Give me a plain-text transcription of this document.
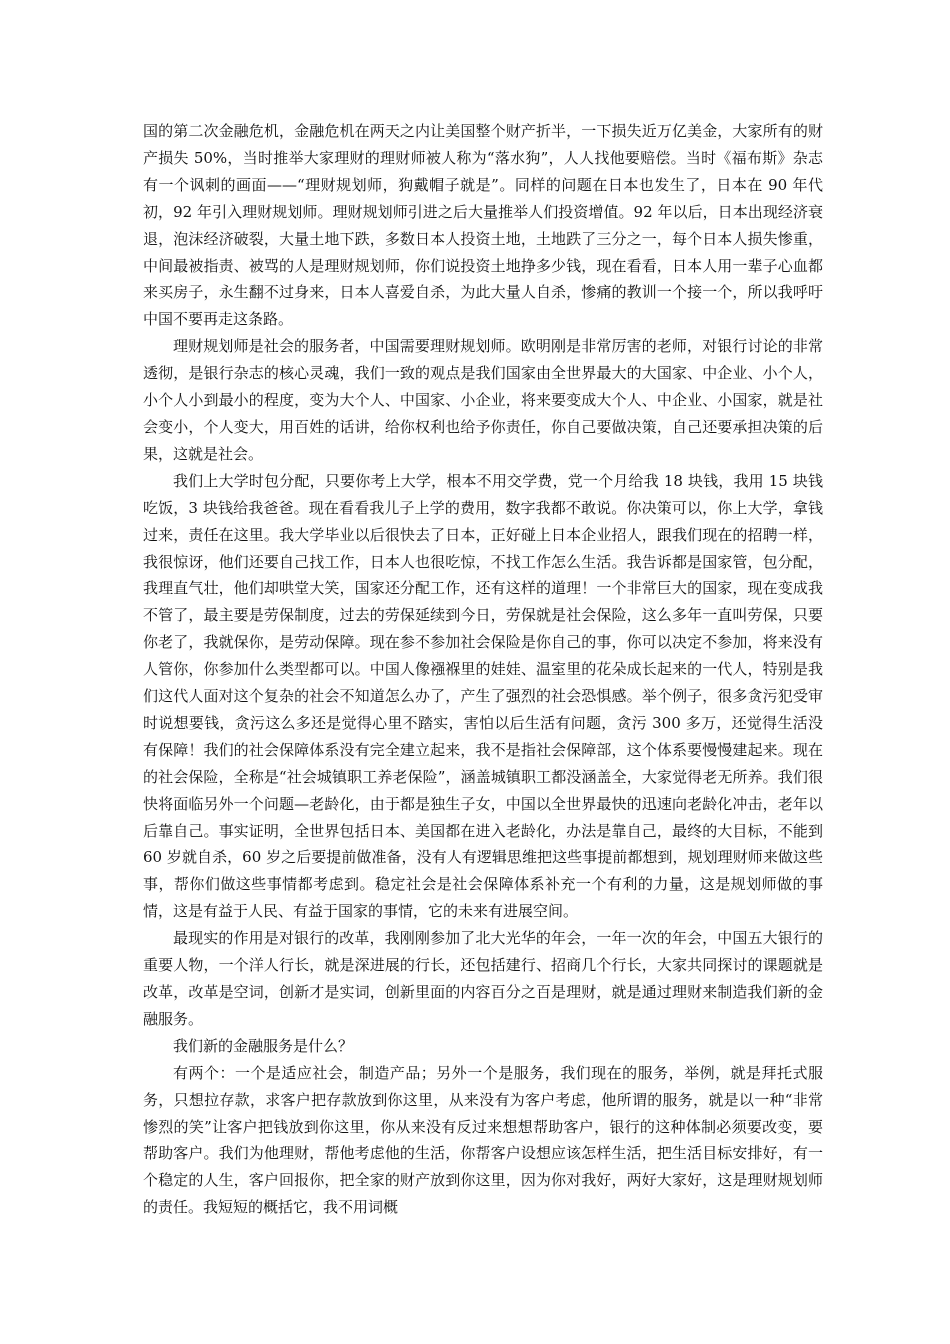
国的第二次金融危机，金融危机在两天之内让美国整个财产折半，一下损失近万亿美金，大家所有的财产损失 50%，当时推举大家理财的理财师被人称为“落水狗”，人人找他要赔偿。当时《福布斯》杂志有一个讽刺的画面——“理财规划师，狗戴帽子就是”。同样的问题在日本也发生了，日本在 90 年代初，92 年引入理财规划师。理财规划师引进之后大量推举人们投资增值。92 年以后，日本出现经济衰退，泡沫经济破裂，大量土地下跌，多数日本人投资土地，土地跌了三分之一，每个日本人损失惨重，中间最被指责、被骂的人是理财规划师，你们说投资土地挣多少钱，现在看看，日本人用一辈子心血都来买房子，永生翻不过身来，日本人喜爱自杀，为此大量人自杀，惨痛的教训一个接一个，所以我呼吁中国不要再走这条路。

理财规划师是社会的服务者，中国需要理财规划师。欧明刚是非常厉害的老师，对银行讨论的非常透彻，是银行杂志的核心灵魂，我们一致的观点是我们国家由全世界最大的大国家、中企业、小个人，小个人小到最小的程度，变为大个人、中国家、小企业，将来要变成大个人、中企业、小国家，就是社会变小，个人变大，用百姓的话讲，给你权利也给予你责任，你自己要做决策，自己还要承担决策的后果，这就是社会。

我们上大学时包分配，只要你考上大学，根本不用交学费，党一个月给我 18 块钱，我用 15 块钱吃饭，3 块钱给我爸爸。现在看看我儿子上学的费用，数字我都不敢说。你决策可以，你上大学，拿钱过来，责任在这里。我大学毕业以后很快去了日本，正好碰上日本企业招人，跟我们现在的招聘一样，我很惊讶，他们还要自己找工作，日本人也很吃惊，不找工作怎么生活。我告诉都是国家管，包分配，我理直气壮，他们却哄堂大笑，国家还分配工作，还有这样的道理！一个非常巨大的国家，现在变成我不管了，最主要是劳保制度，过去的劳保延续到今日，劳保就是社会保险，这么多年一直叫劳保，只要你老了，我就保你，是劳动保障。现在参不参加社会保险是你自己的事，你可以决定不参加，将来没有人管你，你参加什么类型都可以。中国人像襁褓里的娃娃、温室里的花朵成长起来的一代人，特别是我们这代人面对这个复杂的社会不知道怎么办了，产生了强烈的社会恐惧感。举个例子，很多贪污犯受审时说想要钱，贪污这么多还是觉得心里不踏实，害怕以后生活有问题，贪污 300 多万，还觉得生活没有保障！我们的社会保障体系没有完全建立起来，我不是指社会保障部，这个体系要慢慢建起来。现在的社会保险，全称是“社会城镇职工养老保险”，涵盖城镇职工都没涵盖全，大家觉得老无所养。我们很快将面临另外一个问题—老龄化，由于都是独生子女，中国以全世界最快的迅速向老龄化冲击，老年以后靠自己。事实证明，全世界包括日本、美国都在进入老龄化，办法是靠自己，最终的大目标，不能到 60 岁就自杀，60 岁之后要提前做准备，没有人有逻辑思维把这些事提前都想到，规划理财师来做这些事，帮你们做这些事情都考虑到。稳定社会是社会保障体系补充一个有利的力量，这是规划师做的事情，这是有益于人民、有益于国家的事情，它的未来有进展空间。

最现实的作用是对银行的改革，我刚刚参加了北大光华的年会，一年一次的年会，中国五大银行的重要人物，一个洋人行长，就是深进展的行长，还包括建行、招商几个行长，大家共同探讨的课题就是改革，改革是空词，创新才是实词，创新里面的内容百分之百是理财，就是通过理财来制造我们新的金融服务。

我们新的金融服务是什么？

有两个：一个是适应社会，制造产品；另外一个是服务，我们现在的服务，举例，就是拜托式服务，只想拉存款，求客户把存款放到你这里，从来没有为客户考虑，他所谓的服务，就是以一种“非常惨烈的笑”让客户把钱放到你这里，你从来没有反过来想想帮助客户，银行的这种体制必须要改变，要帮助客户。我们为他理财，帮他考虑他的生活，你帮客户设想应该怎样生活，把生活目标安排好，有一个稳定的人生，客户回报你，把全家的财产放到你这里，因为你对我好，两好大家好，这是理财规划师的责任。我短短的概括它，我不用词概
